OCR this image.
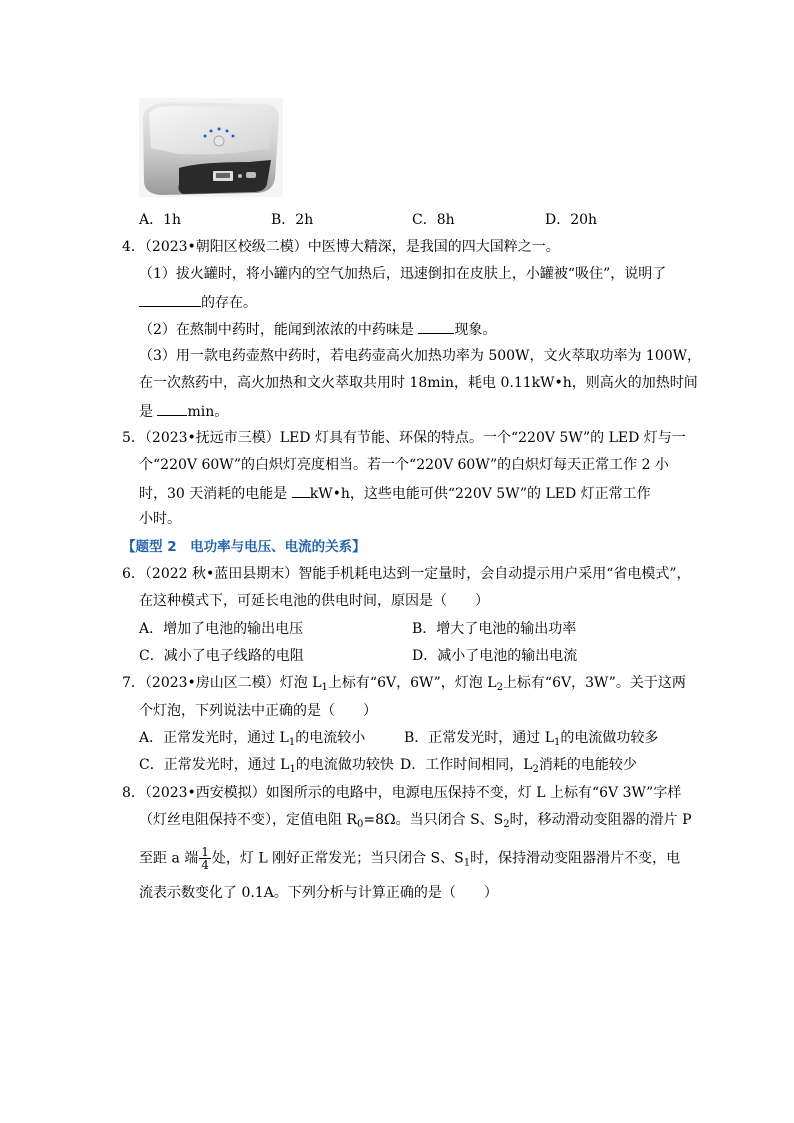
A．1h	B．2h	C．8h	D．20h
4．（2023•朝阳区校级二模）中医博大精深，是我国的四大国粹之一。
（1）拔火罐时，将小罐内的空气加热后，迅速倒扣在皮肤上，小罐被“吸住”，说明了
的存在。
（2）在熬制中药时，能闻到浓浓的中药味是	现象。
（3）用一款电药壶熬中药时，若电药壶高火加热功率为 500W，文火萃取功率为 100W，
在一次熬药中，高火加热和文火萃取共用时 18min，耗电 0.11kW•h，则高火的加热时间
是 min。
5．（2023•抚远市三模）LED 灯具有节能、环保的特点。一个“220V 5W”的 LED 灯与一
个“220V 60W”的白炽灯亮度相当。若一个“220V 60W”的白炽灯每天正常工作 2 小
时，30 天消耗的电能是 kW•h，这些电能可供“220V 5W”的 LED 灯正常工作
小时。
【题型 2　电功率与电压、电流的关系】
6．（2022 秋•蓝田县期末）智能手机耗电达到一定量时，会自动提示用户采用“省电模式”，
在这种模式下，可延长电池的供电时间，原因是（　　）
A．增加了电池的输出电压	B．增大了电池的输出功率
C．减小了电子线路的电阻	D．减小了电池的输出电流
7．（2023•房山区二模）灯泡 $L_1$上标有“6V，6W”，灯泡 $L_2$上标有“6V，3W”。关于这两
个灯泡，下列说法中正确的是（　　）
A．正常发光时，通过 $L_1$的电流较小	B．正常发光时，通过 $L_1$的电流做功较多
C．正常发光时，通过 $L_1$的电流做功较快 D．工作时间相同，$L_2$消耗的电能较少
8．（2023•西安模拟）如图所示的电路中，电源电压保持不变，灯 L 上标有“6V 3W”字样
（灯丝电阻保持不变），定值电阻 $R_0=8\Omega$。当只闭合 S、$S_2$时，移动滑动变阻器的滑片 P
至距 a 端 $\frac{1}{4}$ 处，灯 L 刚好正常发光；当只闭合 S、$S_1$时，保持滑动变阻器滑片不变，电
流表示数变化了 0.1A。下列分析与计算正确的是（　　）
